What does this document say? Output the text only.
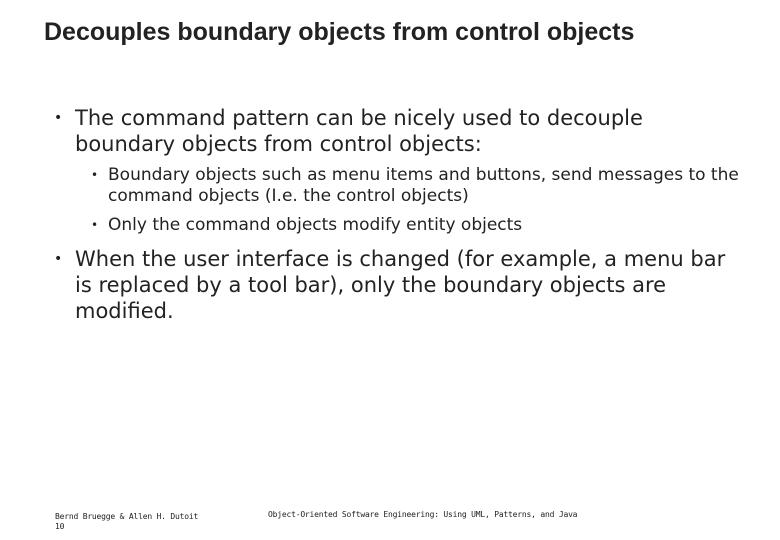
Decouples boundary objects from control objects
• The command pattern can be nicely used to decouple boundary objects from control objects:
• Boundary objects such as menu items and buttons, send messages to the command objects (I.e. the control objects)
• Only the command objects modify entity objects
• When the user interface is changed (for example, a menu bar is replaced by a tool bar), only the boundary objects are modified.
Bernd Bruegge & Allen H. Dutoit
10
Object-Oriented Software Engineering: Using UML, Patterns, and Java
